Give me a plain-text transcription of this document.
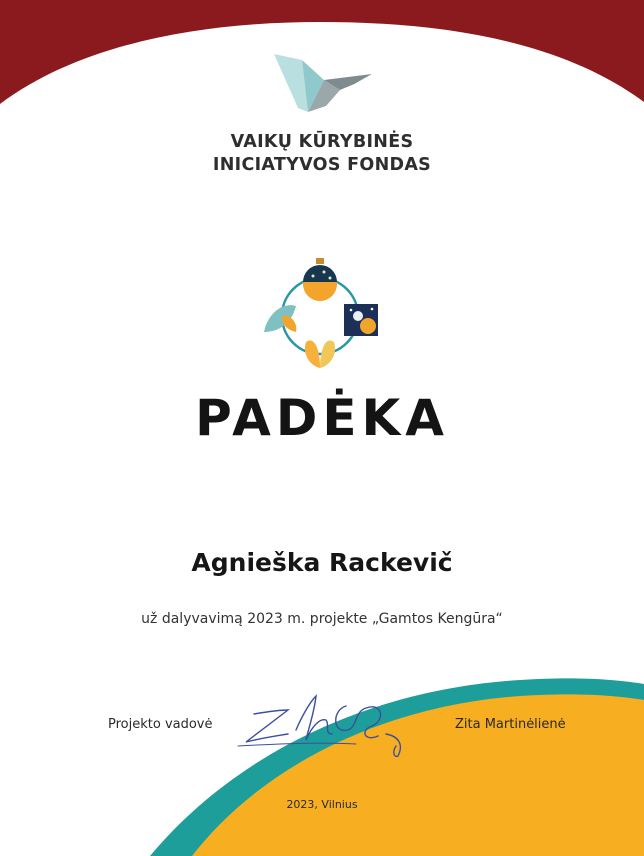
VAIKŲ KŪRYBINĖS
INICIATYVOS FONDAS
PADĖKA
Agnieška Rackevič
už dalyvavimą 2023 m. projekte „Gamtos Kengūra“
Projekto vadovė	Zita Martinėlienė
2023, Vilnius
